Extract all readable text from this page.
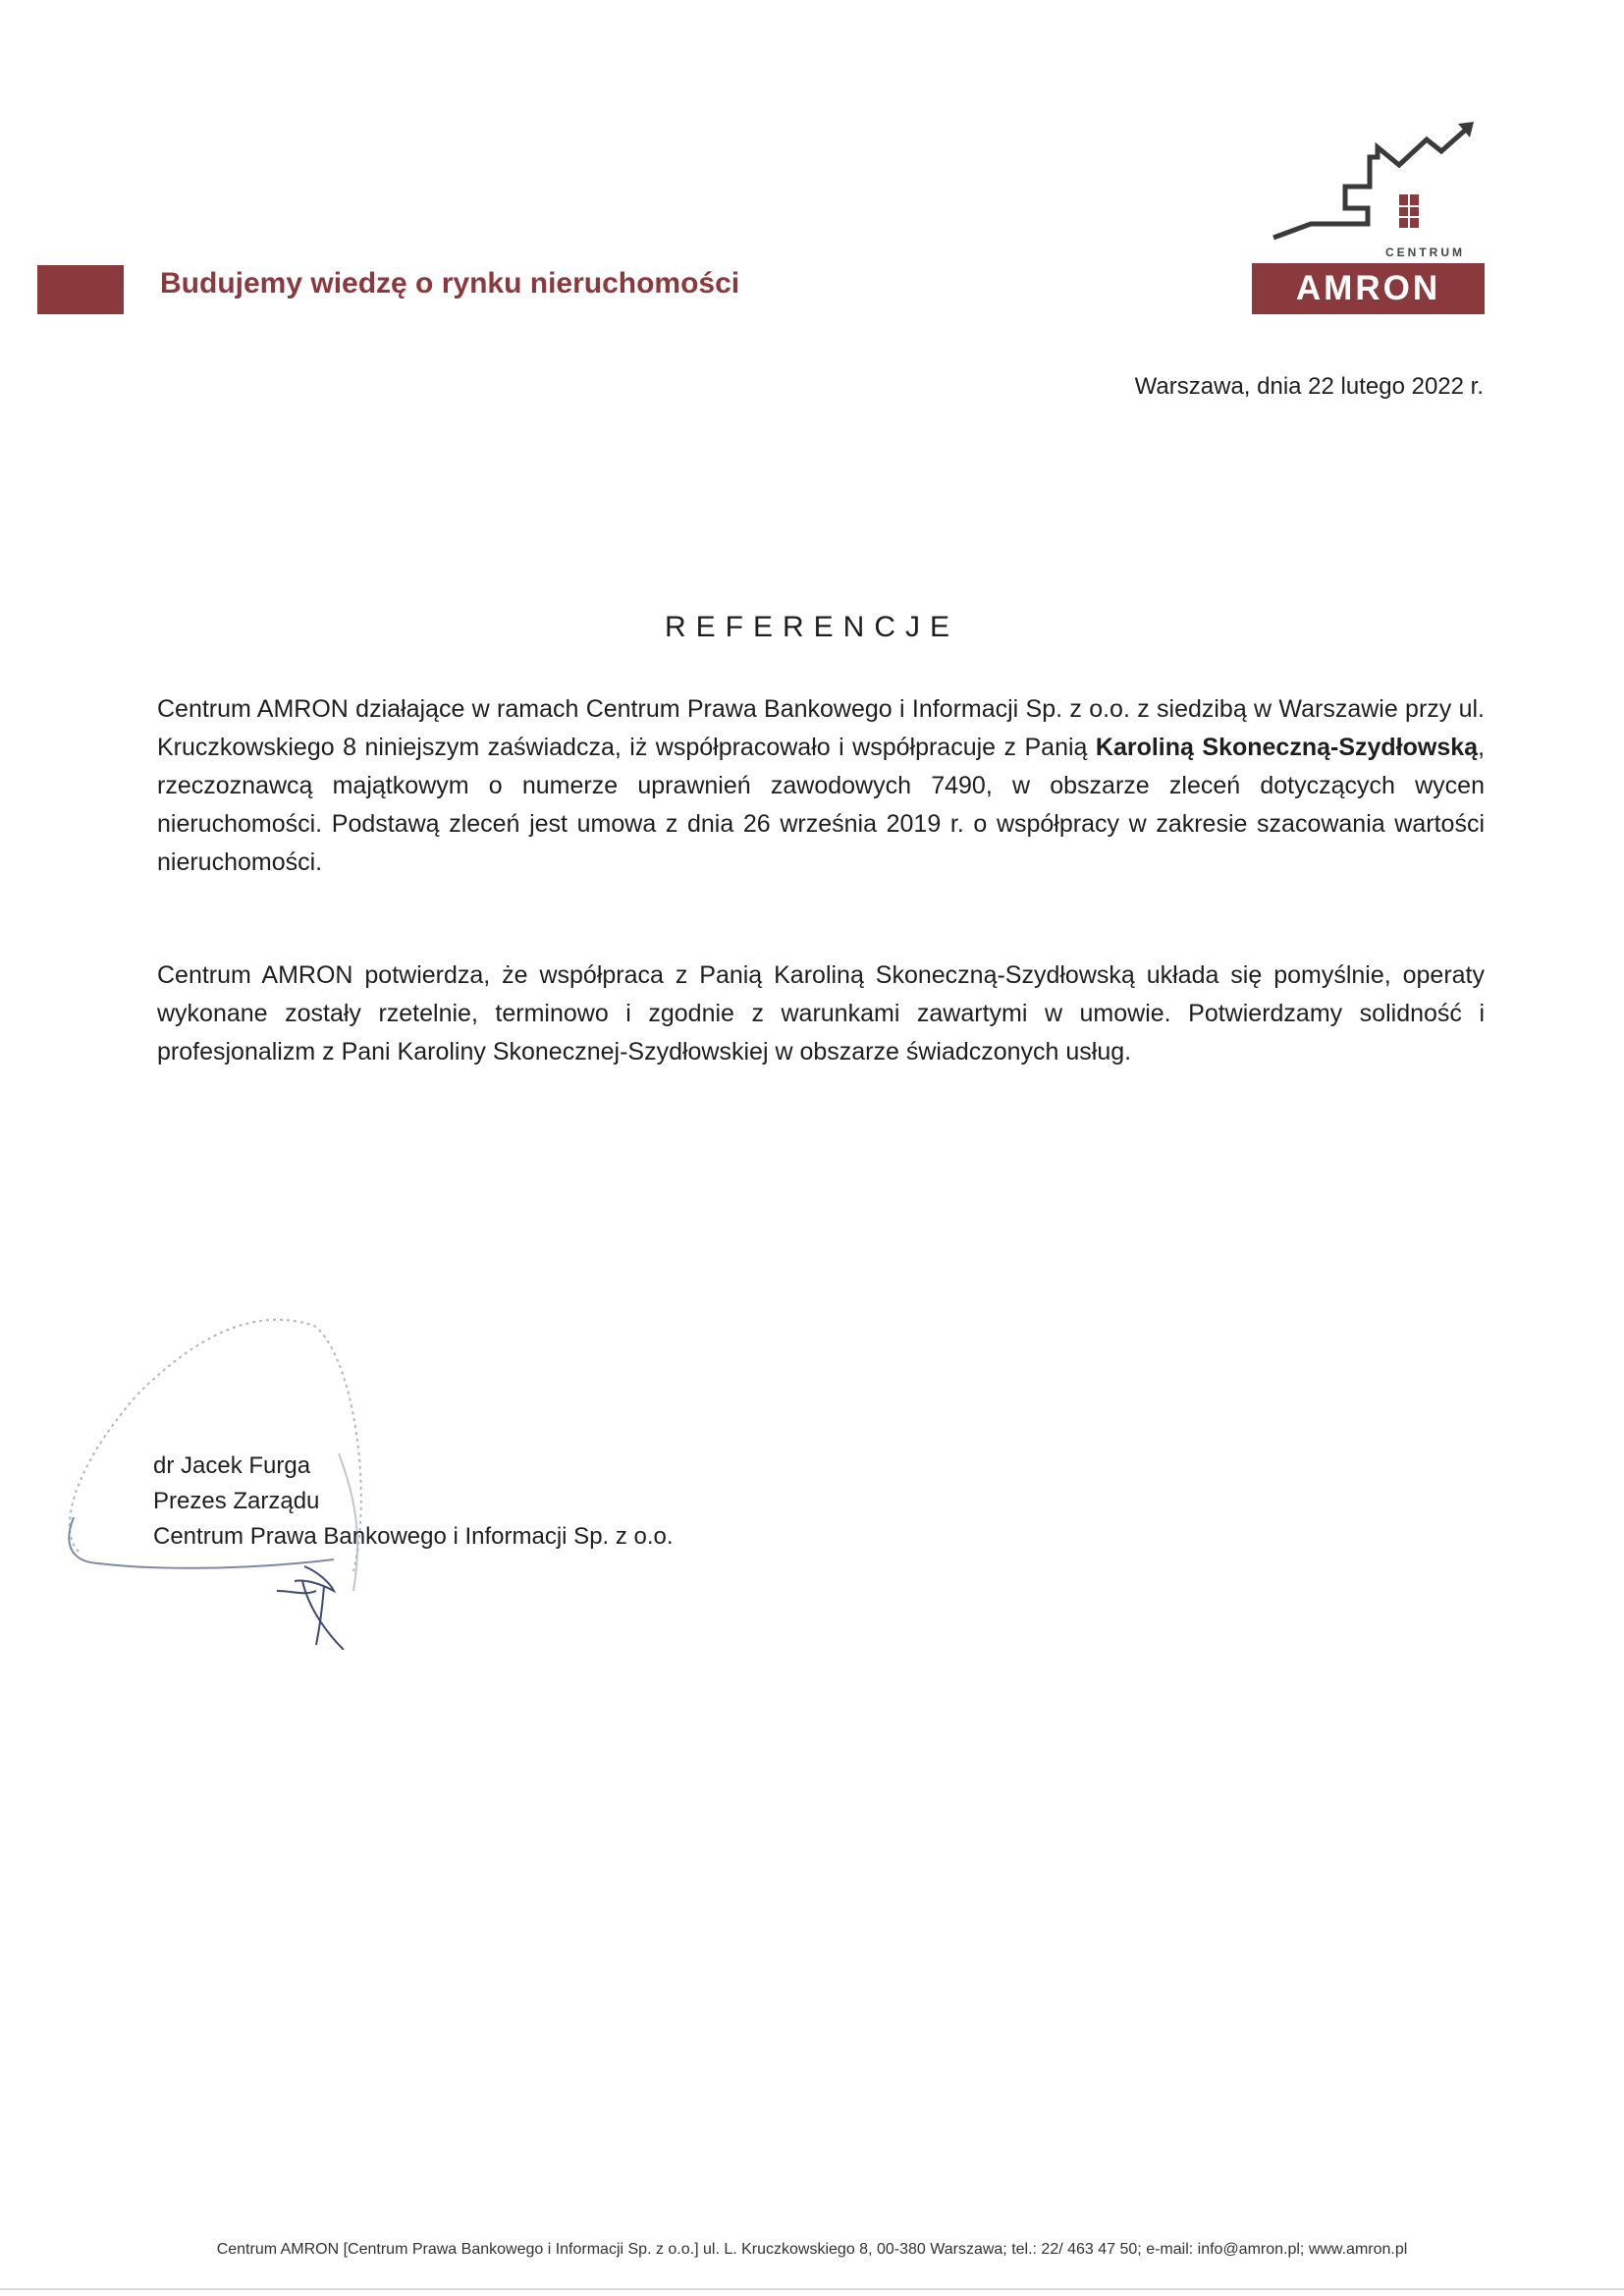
Budujemy wiedzę o rynku nieruchomości
CENTRUM
AMRON
Warszawa, dnia 22 lutego 2022 r.
REFERENCJE

Centrum AMRON działające w ramach Centrum Prawa Bankowego i Informacji Sp. z o.o. z siedzibą w Warszawie przy ul. Kruczkowskiego 8 niniejszym zaświadcza, iż współpracowało i współpracuje z Panią Karoliną Skoneczną-Szydłowską, rzeczoznawcą majątkowym o numerze uprawnień zawodowych 7490, w obszarze zleceń dotyczących wycen nieruchomości. Podstawą zleceń jest umowa z dnia 26 września 2019 r. o współpracy w zakresie szacowania wartości nieruchomości.

Centrum AMRON potwierdza, że współpraca z Panią Karoliną Skoneczną-Szydłowską układa się pomyślnie, operaty wykonane zostały rzetelnie, terminowo i zgodnie z warunkami zawartymi w umowie. Potwierdzamy solidność i profesjonalizm z Pani Karoliny Skonecznej-Szydłowskiej w obszarze świadczonych usług.

dr Jacek Furga
Prezes Zarządu
Centrum Prawa Bankowego i Informacji Sp. z o.o.
Centrum AMRON [Centrum Prawa Bankowego i Informacji Sp. z o.o.] ul. L. Kruczkowskiego 8, 00-380 Warszawa; tel.: 22/ 463 47 50; e-mail: info@amron.pl; www.amron.pl
